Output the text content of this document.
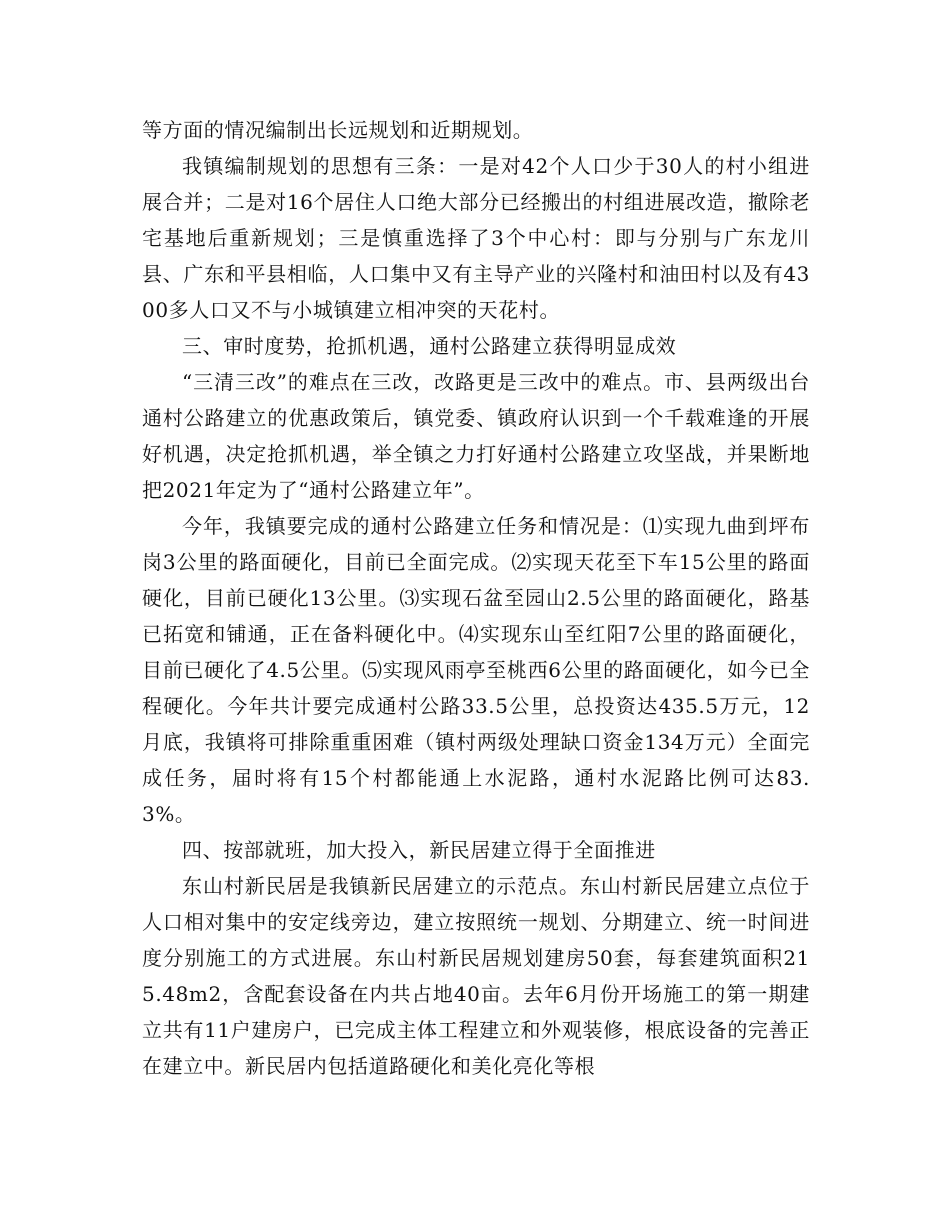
等方面的情况编制出长远规划和近期规划。

我镇编制规划的思想有三条：一是对42个人口少于30人的村小组进展合并；二是对16个居住人口绝大部分已经搬出的村组进展改造，撤除老宅基地后重新规划；三是慎重选择了3个中心村：即与分别与广东龙川县、广东和平县相临，人口集中又有主导产业的兴隆村和油田村以及有4300多人口又不与小城镇建立相冲突的天花村。

三、审时度势，抢抓机遇，通村公路建立获得明显成效

“三清三改”的难点在三改，改路更是三改中的难点。市、县两级出台通村公路建立的优惠政策后，镇党委、镇政府认识到一个千载难逢的开展好机遇，决定抢抓机遇，举全镇之力打好通村公路建立攻坚战，并果断地把2021年定为了“通村公路建立年”。

今年，我镇要完成的通村公路建立任务和情况是：⑴实现九曲到坪布岗3公里的路面硬化，目前已全面完成。⑵实现天花至下车15公里的路面硬化，目前已硬化13公里。⑶实现石盆至园山2.5公里的路面硬化，路基已拓宽和铺通，正在备料硬化中。⑷实现东山至红阳7公里的路面硬化，目前已硬化了4.5公里。⑸实现风雨亭至桃西6公里的路面硬化，如今已全程硬化。今年共计要完成通村公路33.5公里，总投资达435.5万元，12月底，我镇将可排除重重困难（镇村两级处理缺口资金134万元）全面完成任务，届时将有15个村都能通上水泥路，通村水泥路比例可达83.3%。

四、按部就班，加大投入，新民居建立得于全面推进

东山村新民居是我镇新民居建立的示范点。东山村新民居建立点位于人口相对集中的安定线旁边，建立按照统一规划、分期建立、统一时间进度分别施工的方式进展。东山村新民居规划建房50套，每套建筑面积215.48m2，含配套设备在内共占地40亩。去年6月份开场施工的第一期建立共有11户建房户，已完成主体工程建立和外观装修，根底设备的完善正在建立中。新民居内包括道路硬化和美化亮化等根
